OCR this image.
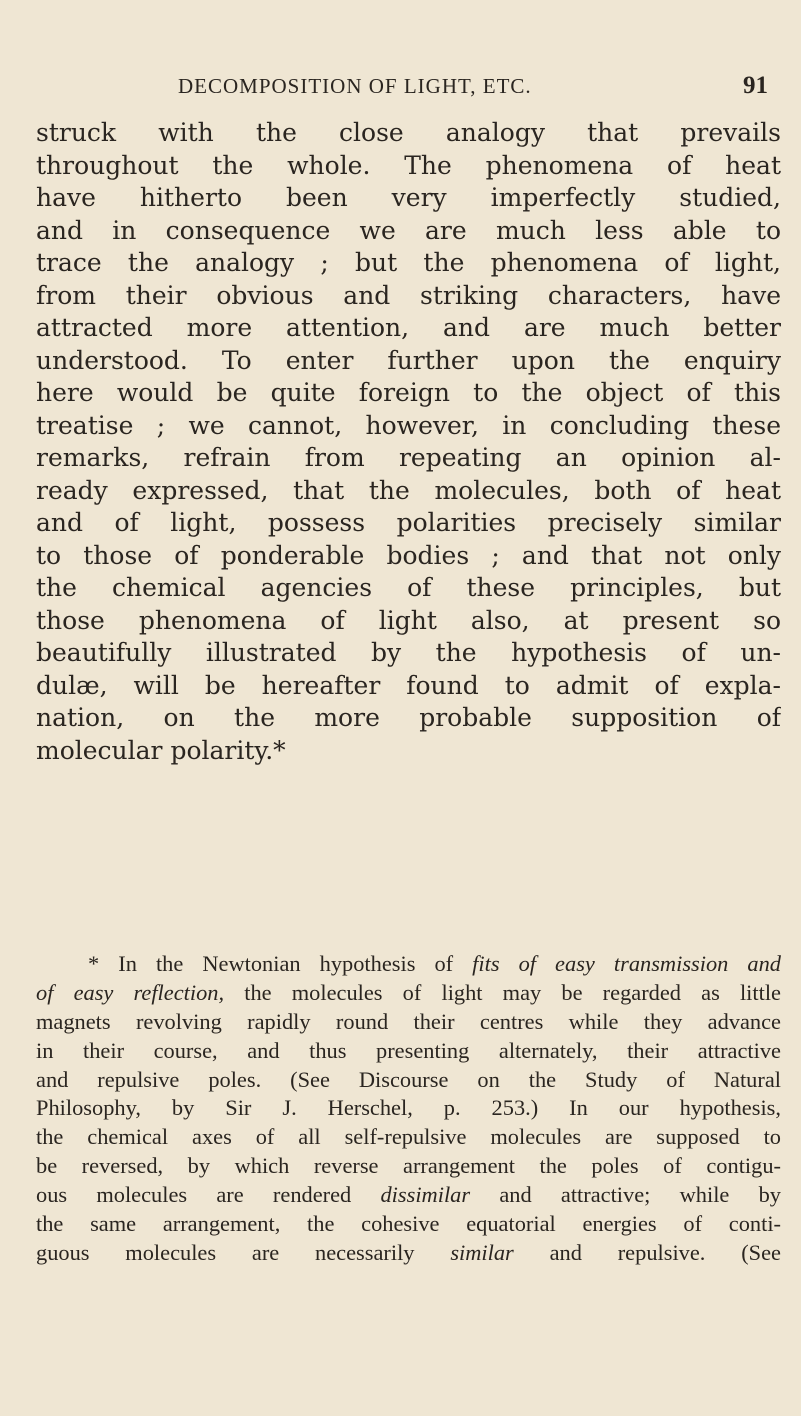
DECOMPOSITION OF LIGHT, ETC.	91
struck with the close analogy that prevails
throughout the whole. The phenomena of heat
have hitherto been very imperfectly studied,
and in consequence we are much less able to
trace the analogy ; but the phenomena of light,
from their obvious and striking characters, have
attracted more attention, and are much better
understood. To enter further upon the enquiry
here would be quite foreign to the object of this
treatise ; we cannot, however, in concluding these
remarks, refrain from repeating an opinion al-
ready expressed, that the molecules, both of heat
and of light, possess polarities precisely similar
to those of ponderable bodies ; and that not only
the chemical agencies of these principles, but
those phenomena of light also, at present so
beautifully illustrated by the hypothesis of un-
dulæ, will be hereafter found to admit of expla-
nation, on the more probable supposition of
molecular polarity.*
* In the Newtonian hypothesis of fits of easy transmission and
of easy reflection, the molecules of light may be regarded as little
magnets revolving rapidly round their centres while they advance
in their course, and thus presenting alternately, their attractive
and repulsive poles. (See Discourse on the Study of Natural
Philosophy, by Sir J. Herschel, p. 253.) In our hypothesis,
the chemical axes of all self-repulsive molecules are supposed to
be reversed, by which reverse arrangement the poles of contigu-
ous molecules are rendered dissimilar and attractive; while by
the same arrangement, the cohesive equatorial energies of conti-
guous molecules are necessarily similar and repulsive. (See
